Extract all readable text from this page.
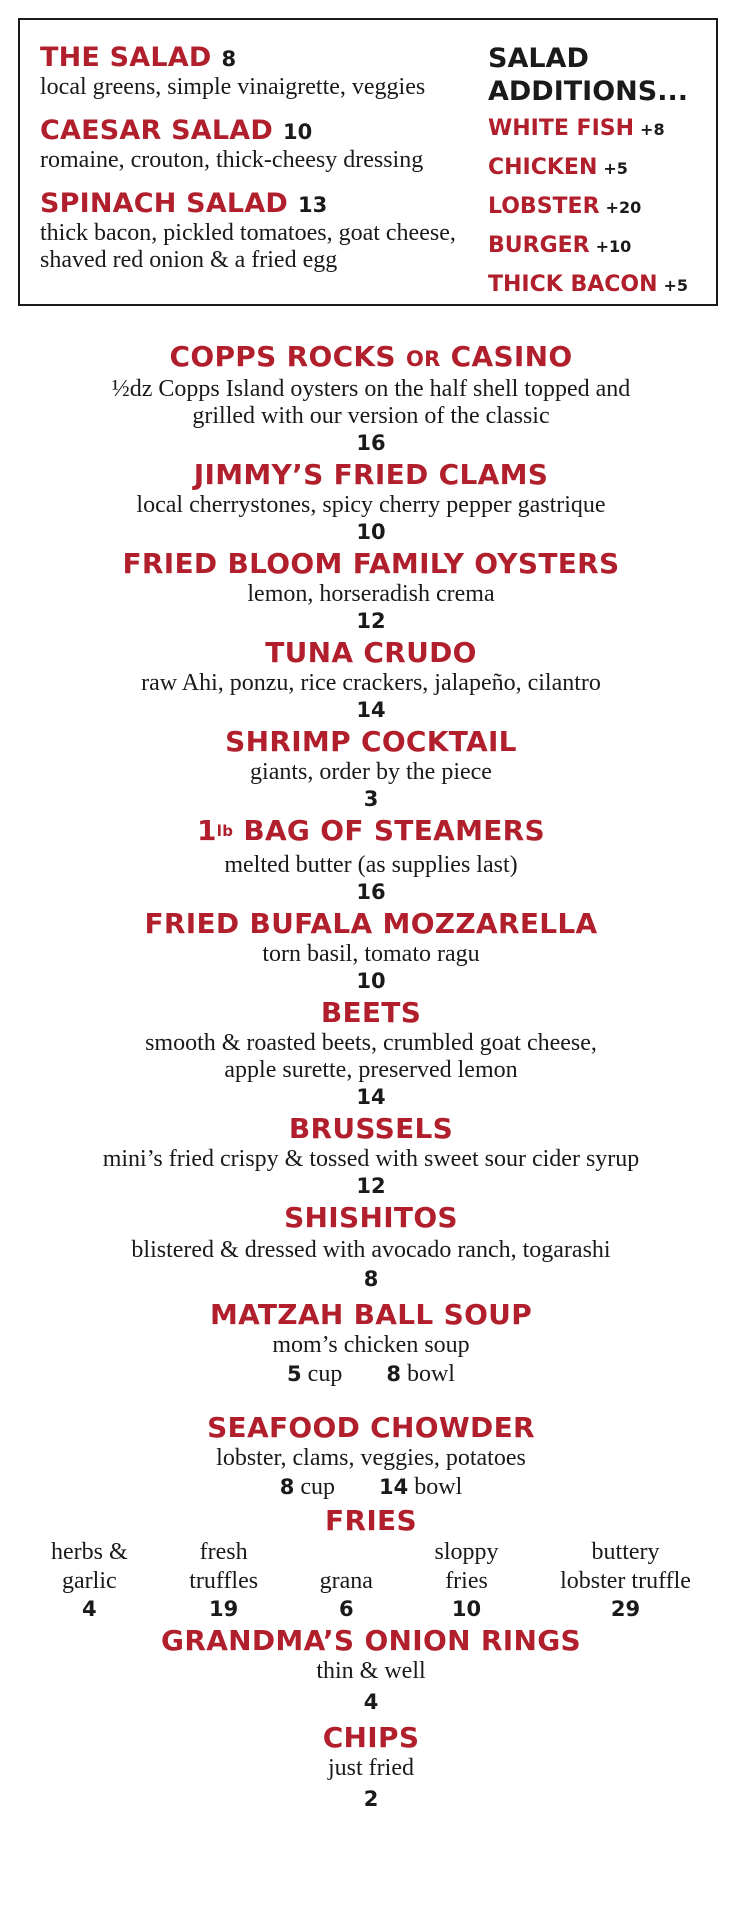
THE SALAD 8
local greens, simple vinaigrette, veggies
CAESAR SALAD 10
romaine, crouton, thick-cheesy dressing
SPINACH SALAD 13
thick bacon, pickled tomatoes, goat cheese, shaved red onion & a fried egg
SALAD
ADDITIONS...
WHITE FISH +8
CHICKEN +5
LOBSTER +20
BURGER +10
THICK BACON +5
COPPS ROCKS OR CASINO
½dz Copps Island oysters on the half shell topped and grilled with our version of the classic
16
JIMMY’S FRIED CLAMS
local cherrystones, spicy cherry pepper gastrique
10
FRIED BLOOM FAMILY OYSTERS
lemon, horseradish crema
12
TUNA CRUDO
raw Ahi, ponzu, rice crackers, jalapeño, cilantro
14
SHRIMP COCKTAIL
giants, order by the piece
3
$1^{lb}$ BAG OF STEAMERS
melted butter (as supplies last)
16
FRIED BUFALA MOZZARELLA
torn basil, tomato ragu
10
BEETS
smooth & roasted beets, crumbled goat cheese, apple surette, preserved lemon
14
BRUSSELS
mini’s fried crispy & tossed with sweet sour cider syrup
12
SHISHITOS
blistered & dressed with avocado ranch, togarashi
8
MATZAH BALL SOUP
mom’s chicken soup
5 cup 8 bowl
SEAFOOD CHOWDER
lobster, clams, veggies, potatoes
8 cup 14 bowl
FRIES
herbs &
garlic
4
fresh
truffles
19
grana
6
sloppy
fries
10
buttery
lobster truffle
29
GRANDMA’S ONION RINGS
thin & well
4
CHIPS
just fried
2
